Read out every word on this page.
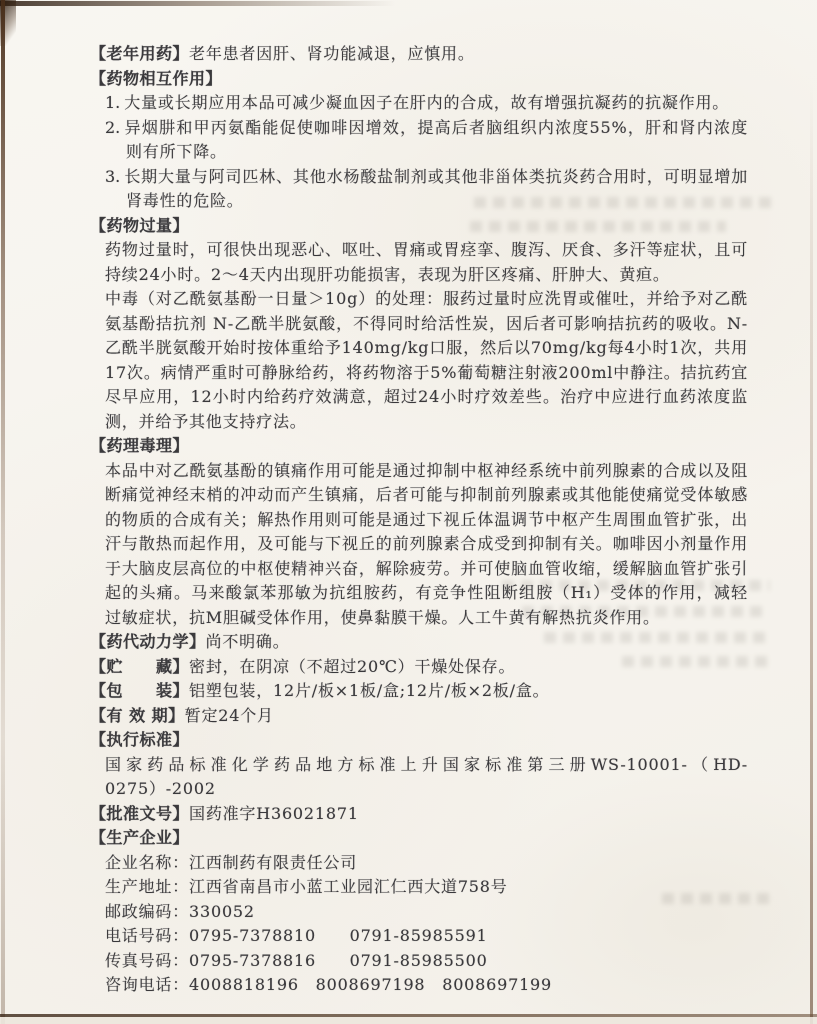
【老年用药】老年患者因肝、肾功能减退，应慎用。
【药物相互作用】
1. 大量或长期应用本品可减少凝血因子在肝内的合成，故有增强抗凝药的抗凝作用。
2. 异烟肼和甲丙氨酯能促使咖啡因增效，提高后者脑组织内浓度55%，肝和肾内浓度则有所下降。
3. 长期大量与阿司匹林、其他水杨酸盐制剂或其他非甾体类抗炎药合用时，可明显增加肾毒性的危险。
【药物过量】
药物过量时，可很快出现恶心、呕吐、胃痛或胃痉挛、腹泻、厌食、多汗等症状，且可持续24小时。2～4天内出现肝功能损害，表现为肝区疼痛、肝肿大、黄疸。
中毒（对乙酰氨基酚一日量＞10g）的处理：服药过量时应洗胃或催吐，并给予对乙酰氨基酚拮抗剂 N-乙酰半胱氨酸，不得同时给活性炭，因后者可影响拮抗药的吸收。N-乙酰半胱氨酸开始时按体重给予140mg/kg口服，然后以70mg/kg每4小时1次，共用17次。病情严重时可静脉给药，将药物溶于5%葡萄糖注射液200ml中静注。拮抗药宜尽早应用，12小时内给药疗效满意，超过24小时疗效差些。治疗中应进行血药浓度监测，并给予其他支持疗法。
【药理毒理】
本品中对乙酰氨基酚的镇痛作用可能是通过抑制中枢神经系统中前列腺素的合成以及阻断痛觉神经末梢的冲动而产生镇痛，后者可能与抑制前列腺素或其他能使痛觉受体敏感的物质的合成有关；解热作用则可能是通过下视丘体温调节中枢产生周围血管扩张，出汗与散热而起作用，及可能与下视丘的前列腺素合成受到抑制有关。咖啡因小剂量作用于大脑皮层高位的中枢使精神兴奋，解除疲劳。并可使脑血管收缩，缓解脑血管扩张引起的头痛。马来酸氯苯那敏为抗组胺药，有竞争性阻断组胺（H₁）受体的作用，减轻过敏症状，抗M胆碱受体作用，使鼻黏膜干燥。人工牛黄有解热抗炎作用。
【药代动力学】尚不明确。
【贮　　藏】密封，在阴凉（不超过20℃）干燥处保存。
【包　　装】铝塑包装，12片/板×1板/盒;12片/板×2板/盒。
【有 效 期】暂定24个月
【执行标准】
国家药品标准化学药品地方标准上升国家标准第三册WS-10001-（HD-0275）-2002
【批准文号】国药准字H36021871
【生产企业】
企业名称：江西制药有限责任公司
生产地址：江西省南昌市小蓝工业园汇仁西大道758号
邮政编码：330052
电话号码：0795-7378810　　0791-85985591
传真号码：0795-7378816　　0791-85985500
咨询电话：4008818196　8008697198　8008697199
